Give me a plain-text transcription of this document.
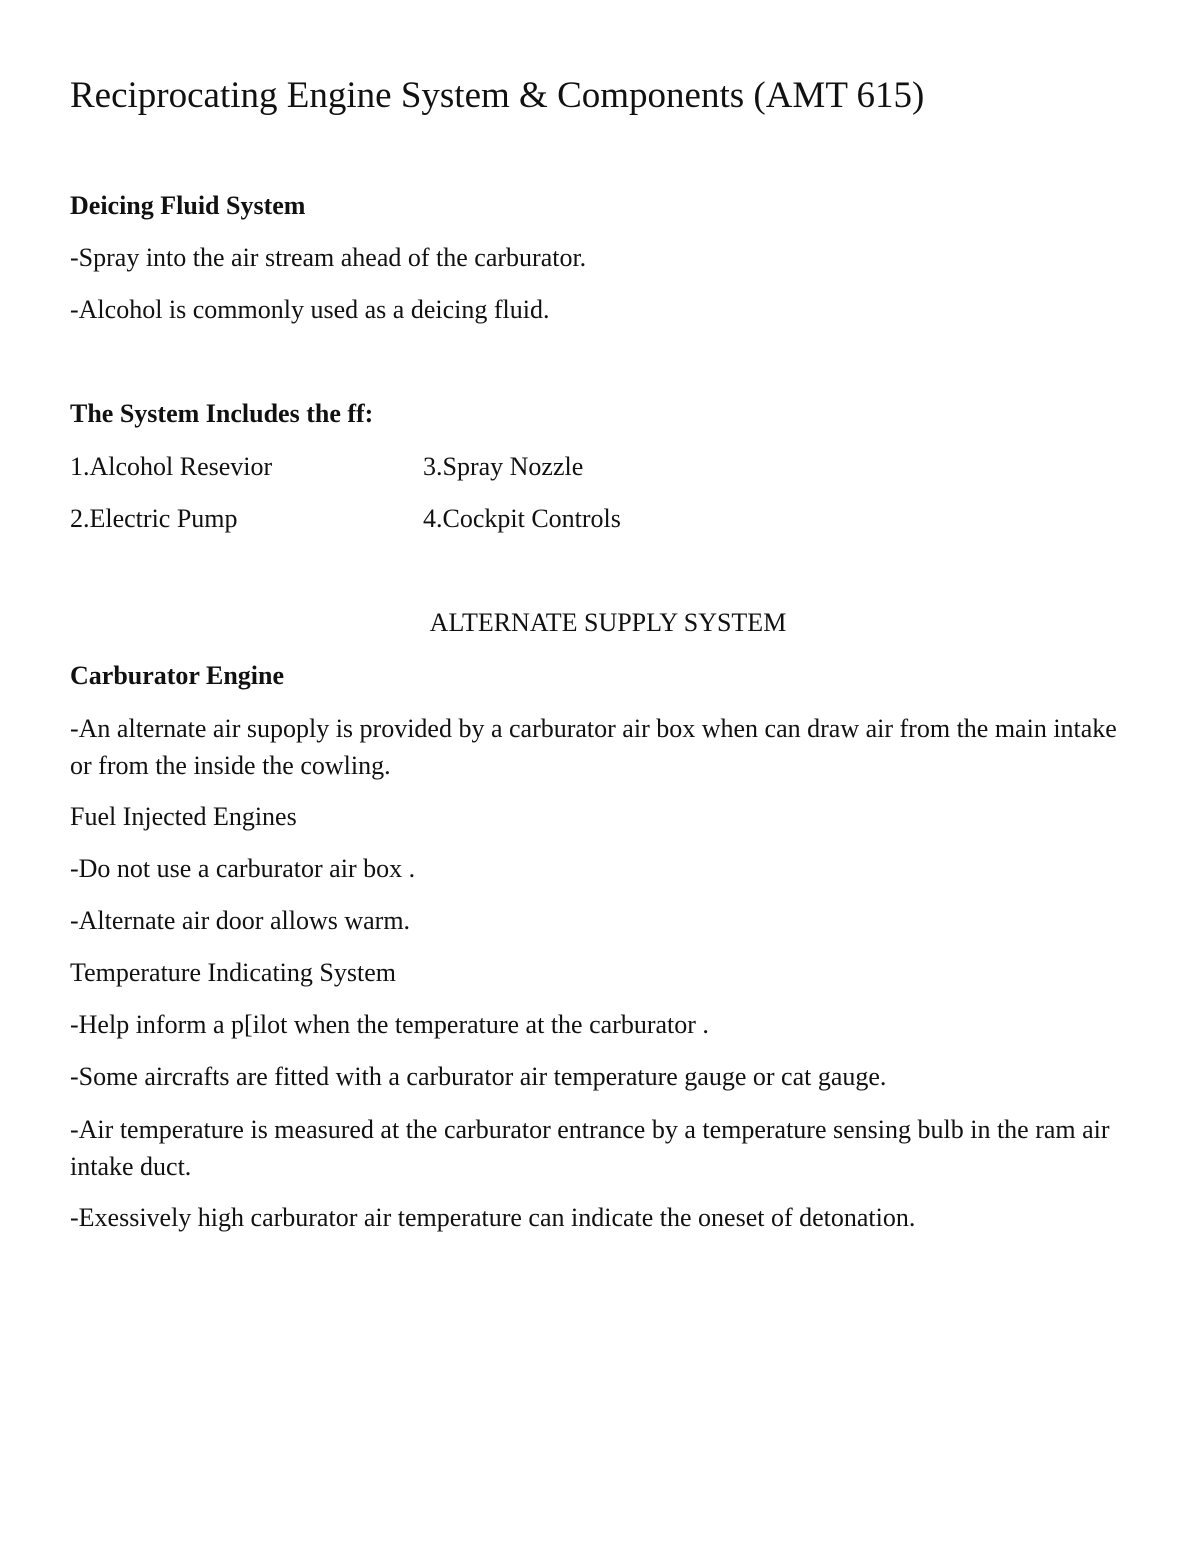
Reciprocating Engine System & Components (AMT 615)
Deicing Fluid System
-Spray into the air stream ahead of the carburator.
-Alcohol is commonly used as a deicing fluid.
The System Includes the ff:
1.Alcohol Resevior	3.Spray Nozzle
2.Electric Pump	4.Cockpit Controls
ALTERNATE SUPPLY SYSTEM
Carburator Engine
-An alternate air supoply is provided by a carburator air box when can draw air from the main intake or from the inside the cowling.
Fuel Injected Engines
-Do not use a carburator air box .
-Alternate air door allows warm.
Temperature Indicating System
-Help inform a p[ilot when the temperature at the carburator .
-Some aircrafts are fitted with a carburator air temperature gauge or cat gauge.
-Air temperature is measured at the carburator entrance by a temperature sensing bulb in the ram air intake duct.
-Exessively high carburator air temperature can indicate the oneset of detonation.
